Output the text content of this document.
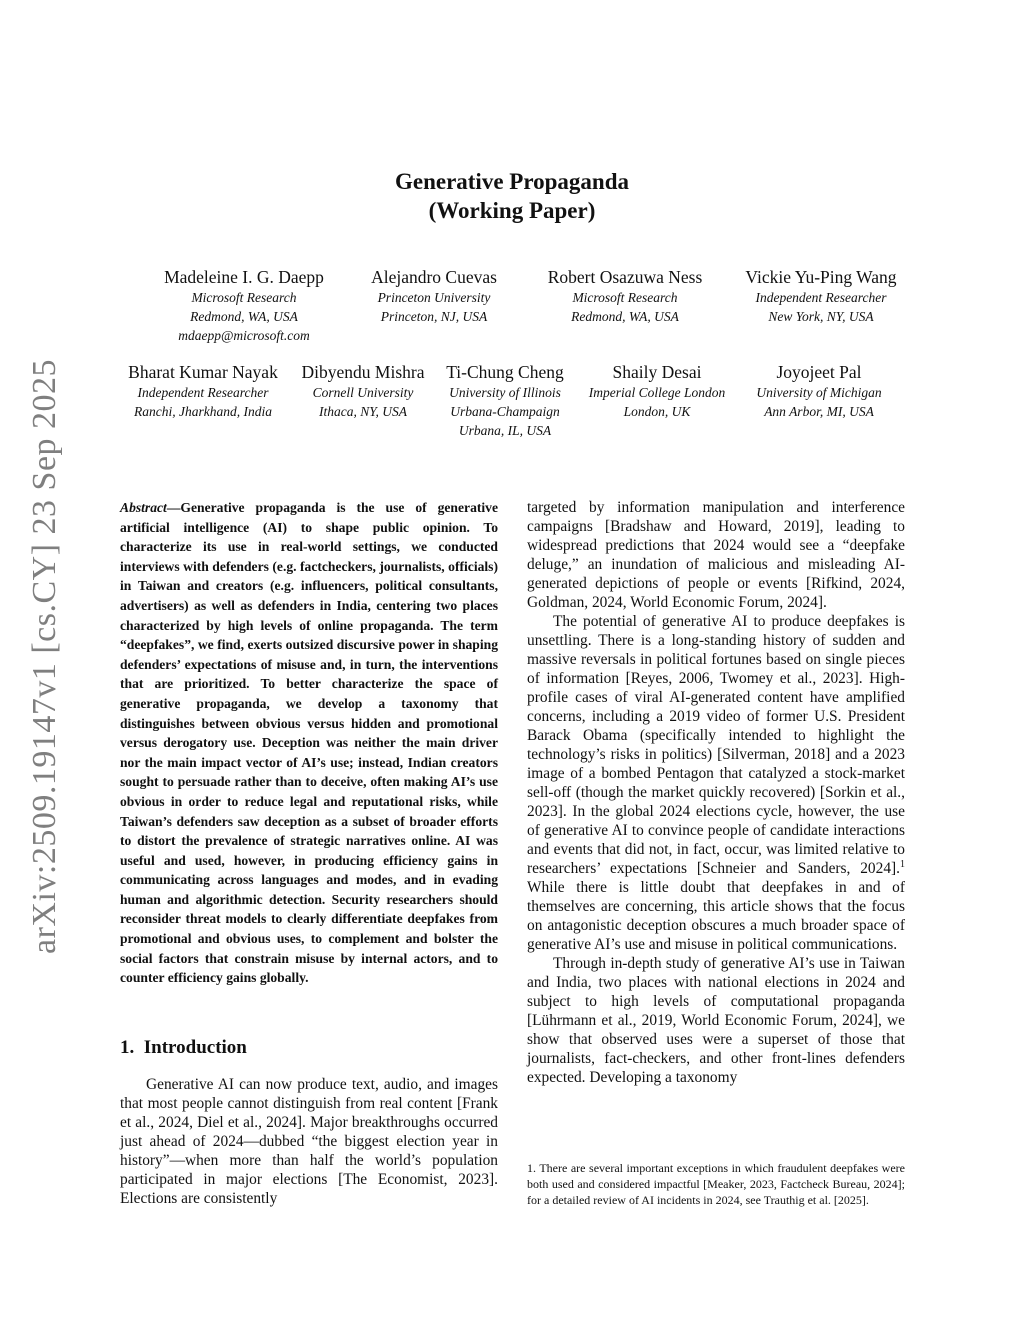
arXiv:2509.19147v1 [cs.CY] 23 Sep 2025
Generative Propaganda
(Working Paper)
Madeleine I. G. Daepp
Microsoft Research
Redmond, WA, USA
mdaepp@microsoft.com
Alejandro Cuevas
Princeton University
Princeton, NJ, USA
Robert Osazuwa Ness
Microsoft Research
Redmond, WA, USA
Vickie Yu-Ping Wang
Independent Researcher
New York, NY, USA
Bharat Kumar Nayak
Independent Researcher
Ranchi, Jharkhand, India
Dibyendu Mishra
Cornell University
Ithaca, NY, USA
Ti-Chung Cheng
University of Illinois
Urbana-Champaign
Urbana, IL, USA
Shaily Desai
Imperial College London
London, UK
Joyojeet Pal
University of Michigan
Ann Arbor, MI, USA
Abstract—Generative propaganda is the use of generative artificial intelligence (AI) to shape public opinion. To characterize its use in real-world settings, we conducted interviews with defenders (e.g. factcheckers, journalists, officials) in Taiwan and creators (e.g. influencers, political consultants, advertisers) as well as defenders in India, centering two places characterized by high levels of online propaganda. The term “deepfakes”, we find, exerts outsized discursive power in shaping defenders’ expectations of misuse and, in turn, the interventions that are prioritized. To better characterize the space of generative propaganda, we develop a taxonomy that distinguishes between obvious versus hidden and promotional versus derogatory use. Deception was neither the main driver nor the main impact vector of AI’s use; instead, Indian creators sought to persuade rather than to deceive, often making AI’s use obvious in order to reduce legal and reputational risks, while Taiwan’s defenders saw deception as a subset of broader efforts to distort the prevalence of strategic narratives online. AI was useful and used, however, in producing efficiency gains in communicating across languages and modes, and in evading human and algorithmic detection. Security researchers should reconsider threat models to clearly differentiate deepfakes from promotional and obvious uses, to complement and bolster the social factors that constrain misuse by internal actors, and to counter efficiency gains globally.
1. Introduction
Generative AI can now produce text, audio, and images that most people cannot distinguish from real content [Frank et al., 2024, Diel et al., 2024]. Major breakthroughs occurred just ahead of 2024—dubbed “the biggest election year in history”—when more than half the world’s population participated in major elections [The Economist, 2023]. Elections are consistently

targeted by information manipulation and interference campaigns [Bradshaw and Howard, 2019], leading to widespread predictions that 2024 would see a “deepfake deluge,” an inundation of malicious and misleading AI-generated depictions of people or events [Rifkind, 2024, Goldman, 2024, World Economic Forum, 2024].

The potential of generative AI to produce deepfakes is unsettling. There is a long-standing history of sudden and massive reversals in political fortunes based on single pieces of information [Reyes, 2006, Twomey et al., 2023]. High-profile cases of viral AI-generated content have amplified concerns, including a 2019 video of former U.S. President Barack Obama (specifically intended to highlight the technology’s risks in politics) [Silverman, 2018] and a 2023 image of a bombed Pentagon that catalyzed a stock-market sell-off (though the market quickly recovered) [Sorkin et al., 2023]. In the global 2024 elections cycle, however, the use of generative AI to convince people of candidate interactions and events that did not, in fact, occur, was limited relative to researchers’ expectations [Schneier and Sanders, 2024].$^1$ While there is little doubt that deepfakes in and of themselves are concerning, this article shows that the focus on antagonistic deception obscures a much broader space of generative AI’s use and misuse in political communications.

Through in-depth study of generative AI’s use in Taiwan and India, two places with national elections in 2024 and subject to high levels of computational propaganda [Lührmann et al., 2019, World Economic Forum, 2024], we show that observed uses were a superset of those that journalists, fact-checkers, and other front-lines defenders expected. Developing a taxonomy

1. There are several important exceptions in which fraudulent deepfakes were both used and considered impactful [Meaker, 2023, Factcheck Bureau, 2024]; for a detailed review of AI incidents in 2024, see Trauthig et al. [2025].
